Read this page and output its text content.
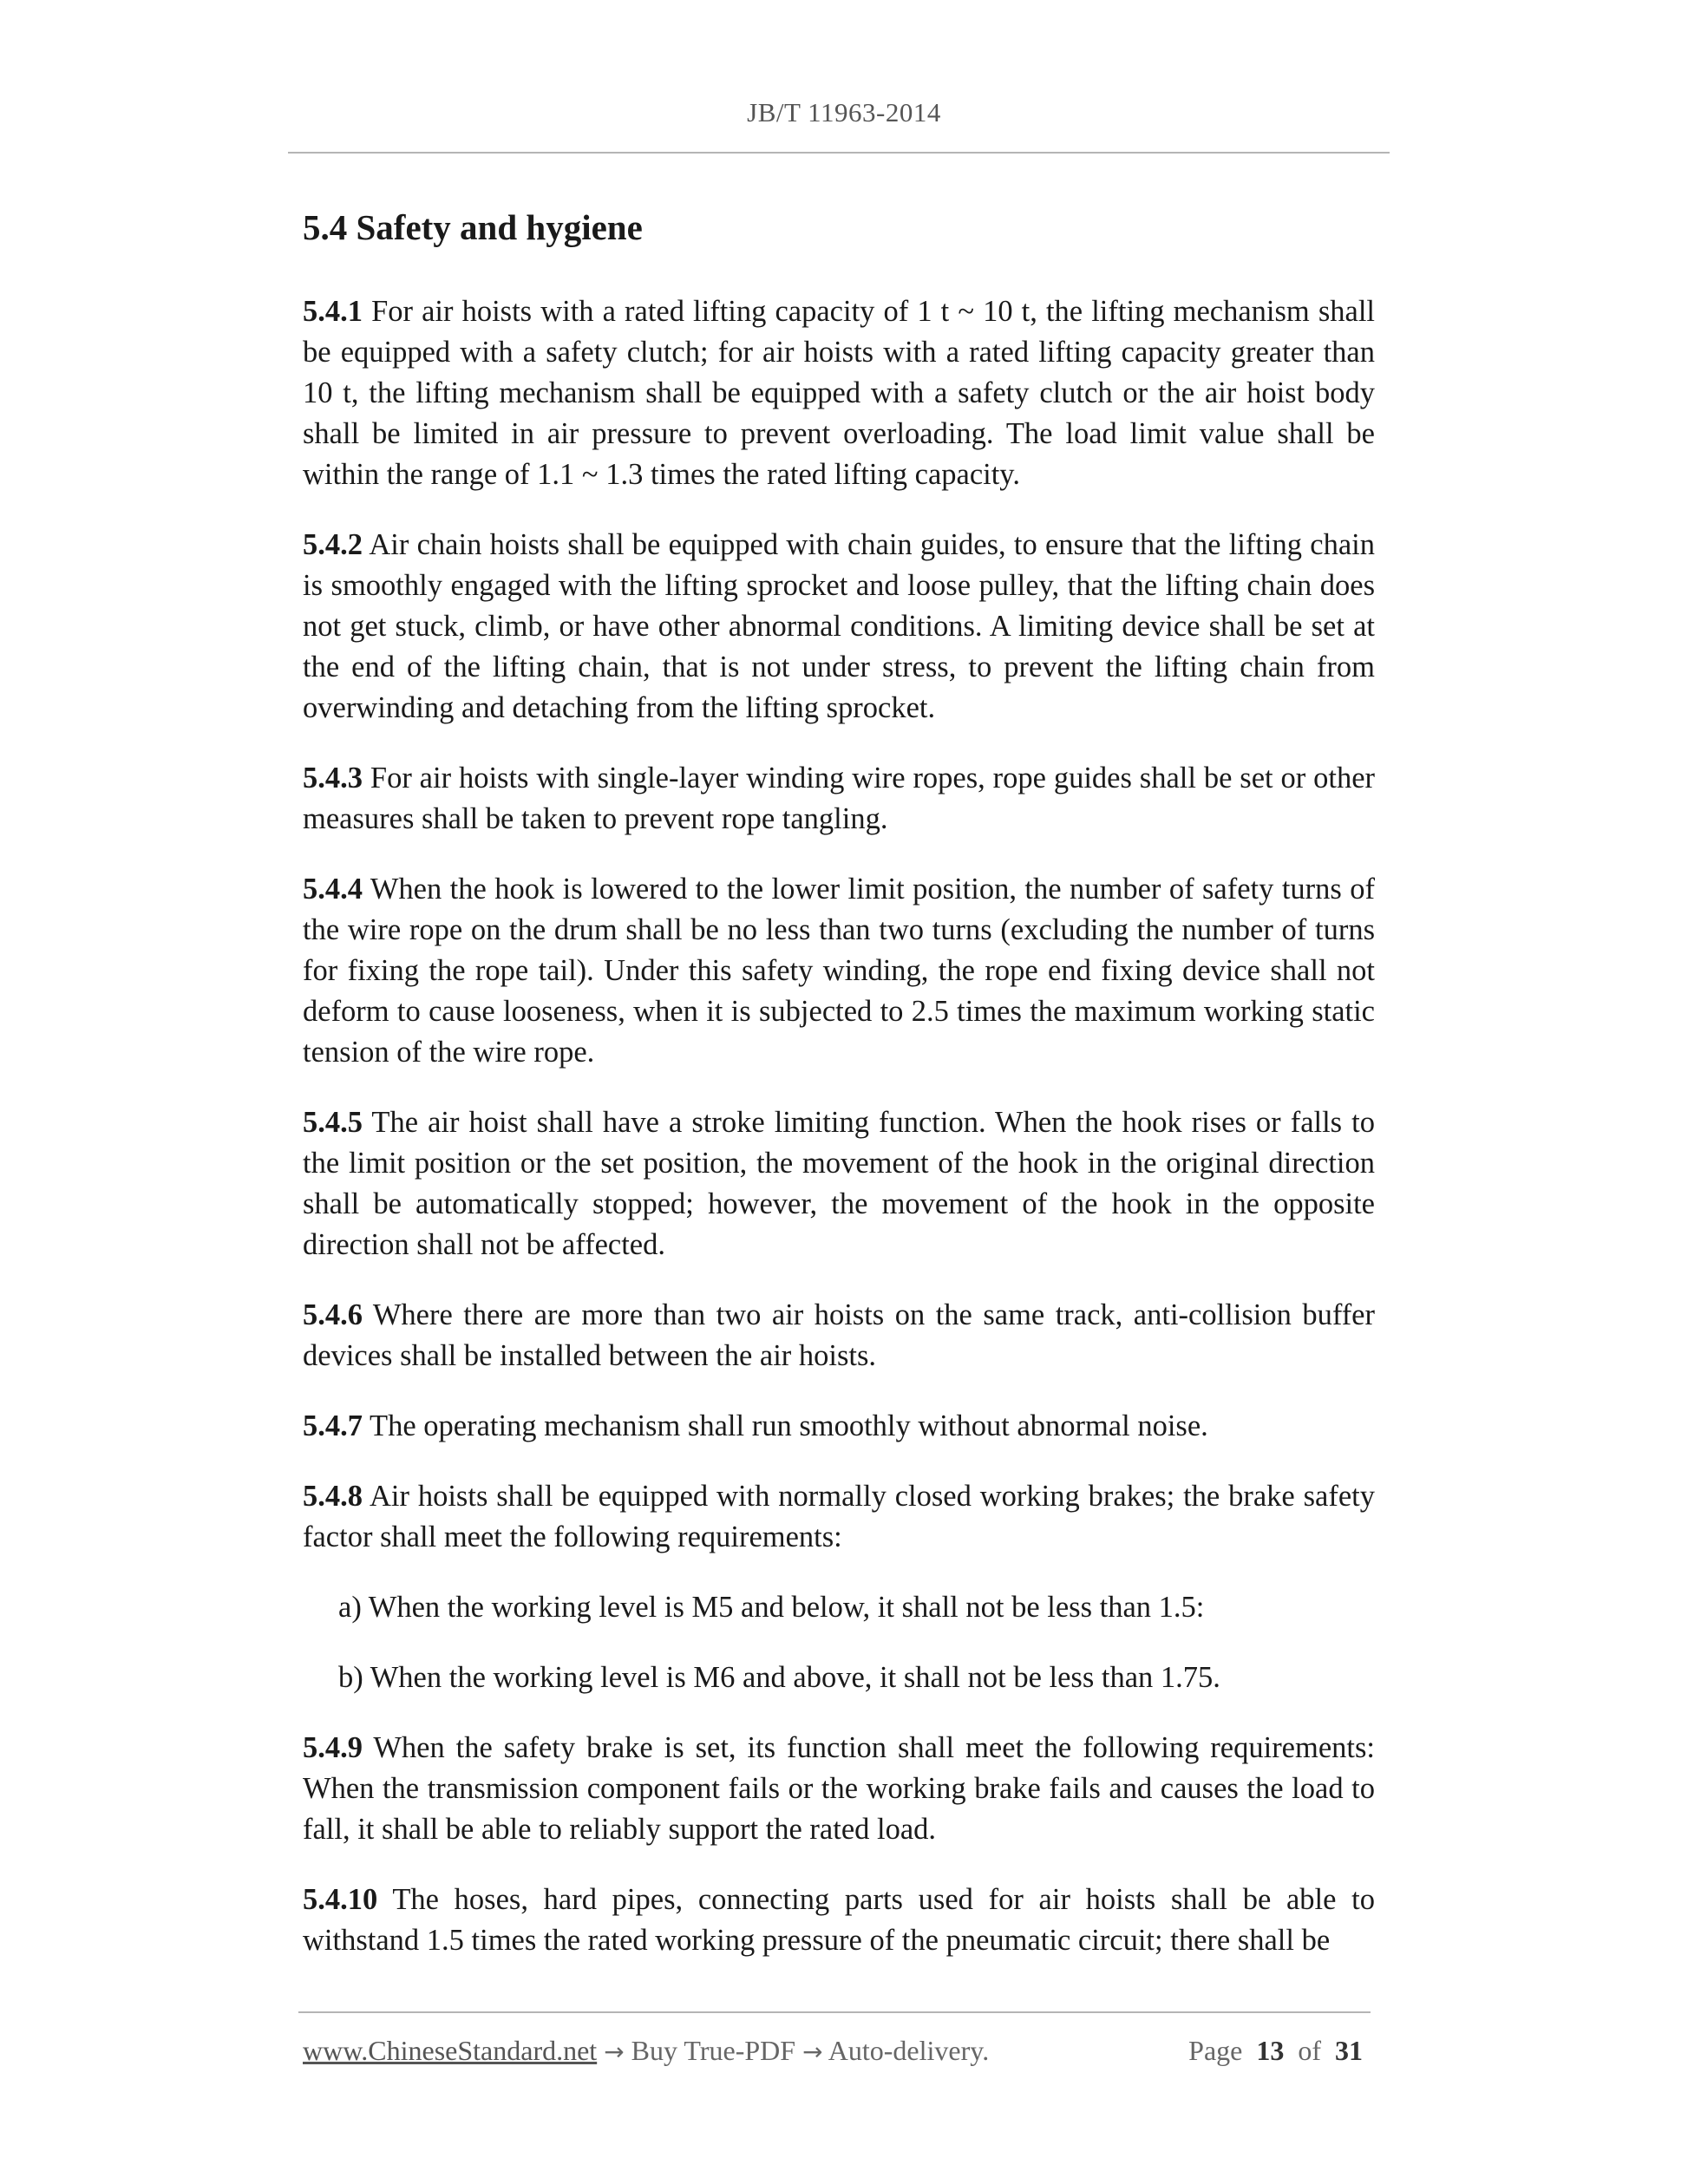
JB/T 11963-2014
5.4 Safety and hygiene
5.4.1 For air hoists with a rated lifting capacity of 1 t ~ 10 t, the lifting mechanism shall be equipped with a safety clutch; for air hoists with a rated lifting capacity greater than 10 t, the lifting mechanism shall be equipped with a safety clutch or the air hoist body shall be limited in air pressure to prevent overloading. The load limit value shall be within the range of 1.1 ~ 1.3 times the rated lifting capacity.
5.4.2 Air chain hoists shall be equipped with chain guides, to ensure that the lifting chain is smoothly engaged with the lifting sprocket and loose pulley, that the lifting chain does not get stuck, climb, or have other abnormal conditions. A limiting device shall be set at the end of the lifting chain, that is not under stress, to prevent the lifting chain from overwinding and detaching from the lifting sprocket.
5.4.3 For air hoists with single-layer winding wire ropes, rope guides shall be set or other measures shall be taken to prevent rope tangling.
5.4.4 When the hook is lowered to the lower limit position, the number of safety turns of the wire rope on the drum shall be no less than two turns (excluding the number of turns for fixing the rope tail). Under this safety winding, the rope end fixing device shall not deform to cause looseness, when it is subjected to 2.5 times the maximum working static tension of the wire rope.
5.4.5 The air hoist shall have a stroke limiting function. When the hook rises or falls to the limit position or the set position, the movement of the hook in the original direction shall be automatically stopped; however, the movement of the hook in the opposite direction shall not be affected.
5.4.6 Where there are more than two air hoists on the same track, anti-collision buffer devices shall be installed between the air hoists.
5.4.7 The operating mechanism shall run smoothly without abnormal noise.
5.4.8 Air hoists shall be equipped with normally closed working brakes; the brake safety factor shall meet the following requirements:
a) When the working level is M5 and below, it shall not be less than 1.5:
b) When the working level is M6 and above, it shall not be less than 1.75.
5.4.9 When the safety brake is set, its function shall meet the following requirements: When the transmission component fails or the working brake fails and causes the load to fall, it shall be able to reliably support the rated load.
5.4.10 The hoses, hard pipes, connecting parts used for air hoists shall be able to withstand 1.5 times the rated working pressure of the pneumatic circuit; there shall be
www.ChineseStandard.net → Buy True-PDF → Auto-delivery.	Page 13 of 31
